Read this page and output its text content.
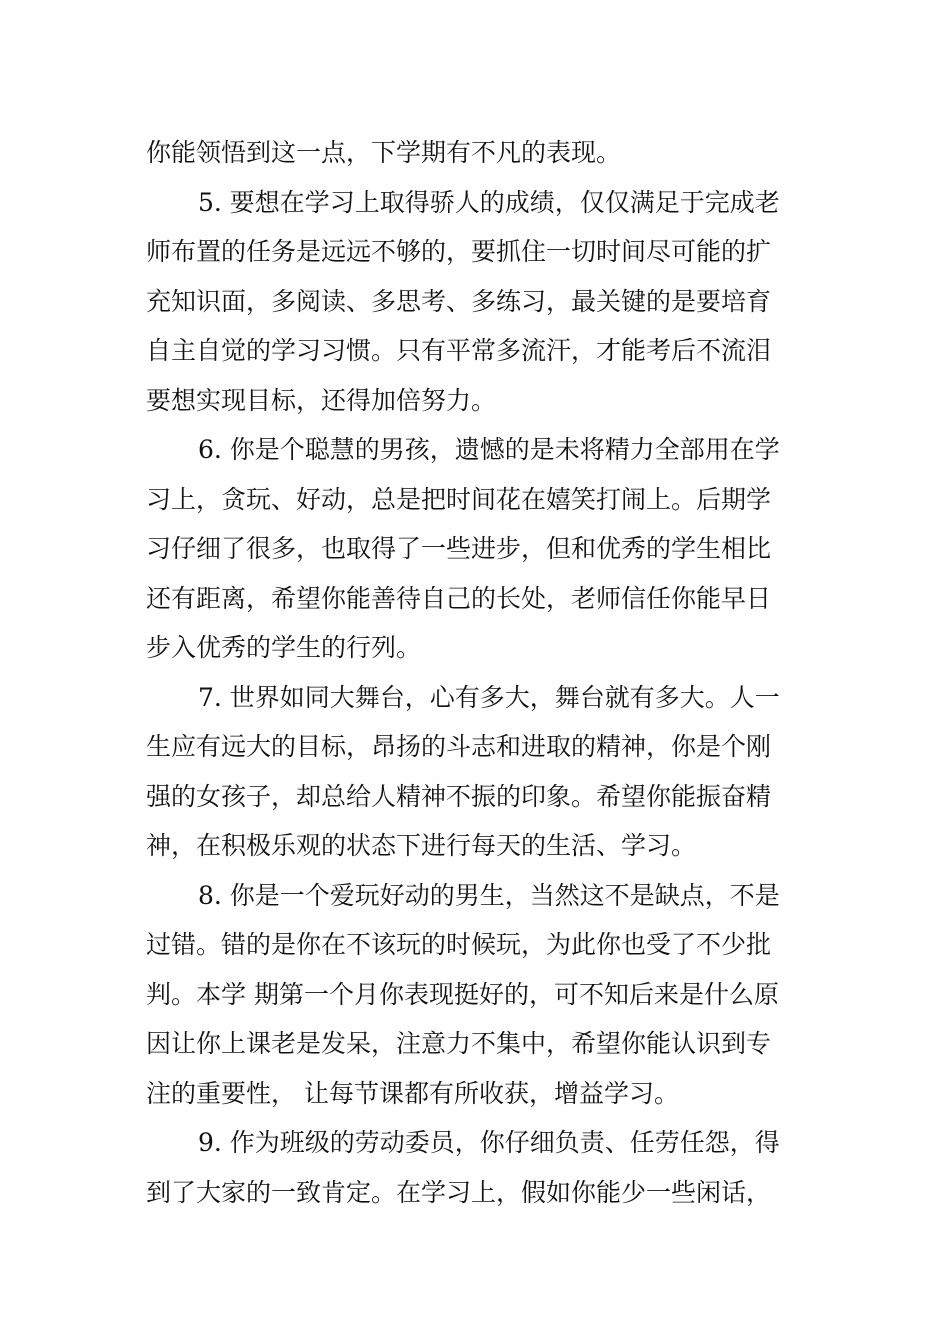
你能领悟到这一点，下学期有不凡的表现。
5. 要想在学习上取得骄人的成绩，仅仅满足于完成老
师布置的任务是远远不够的，要抓住一切时间尽可能的扩
充知识面，多阅读、多思考、多练习，最关键的是要培育
自主自觉的学习习惯。只有平常多流汗，才能考后不流泪
要想实现目标，还得加倍努力。
6. 你是个聪慧的男孩，遗憾的是未将精力全部用在学
习上，贪玩、好动，总是把时间花在嬉笑打闹上。后期学
习仔细了很多，也取得了一些进步，但和优秀的学生相比
还有距离，希望你能善待自己的长处，老师信任你能早日
步入优秀的学生的行列。
7. 世界如同大舞台，心有多大，舞台就有多大。人一
生应有远大的目标，昂扬的斗志和进取的精神，你是个刚
强的女孩子，却总给人精神不振的印象。希望你能振奋精
神，在积极乐观的状态下进行每天的生活、学习。
8. 你是一个爱玩好动的男生，当然这不是缺点，不是
过错。错的是你在不该玩的时候玩，为此你也受了不少批
判。本学 期第一个月你表现挺好的，可不知后来是什么原
因让你上课老是发呆，注意力不集中，希望你能认识到专
注的重要性， 让每节课都有所收获，增益学习。
9. 作为班级的劳动委员，你仔细负责、任劳任怨，得
到了大家的一致肯定。在学习上，假如你能少一些闲话，
